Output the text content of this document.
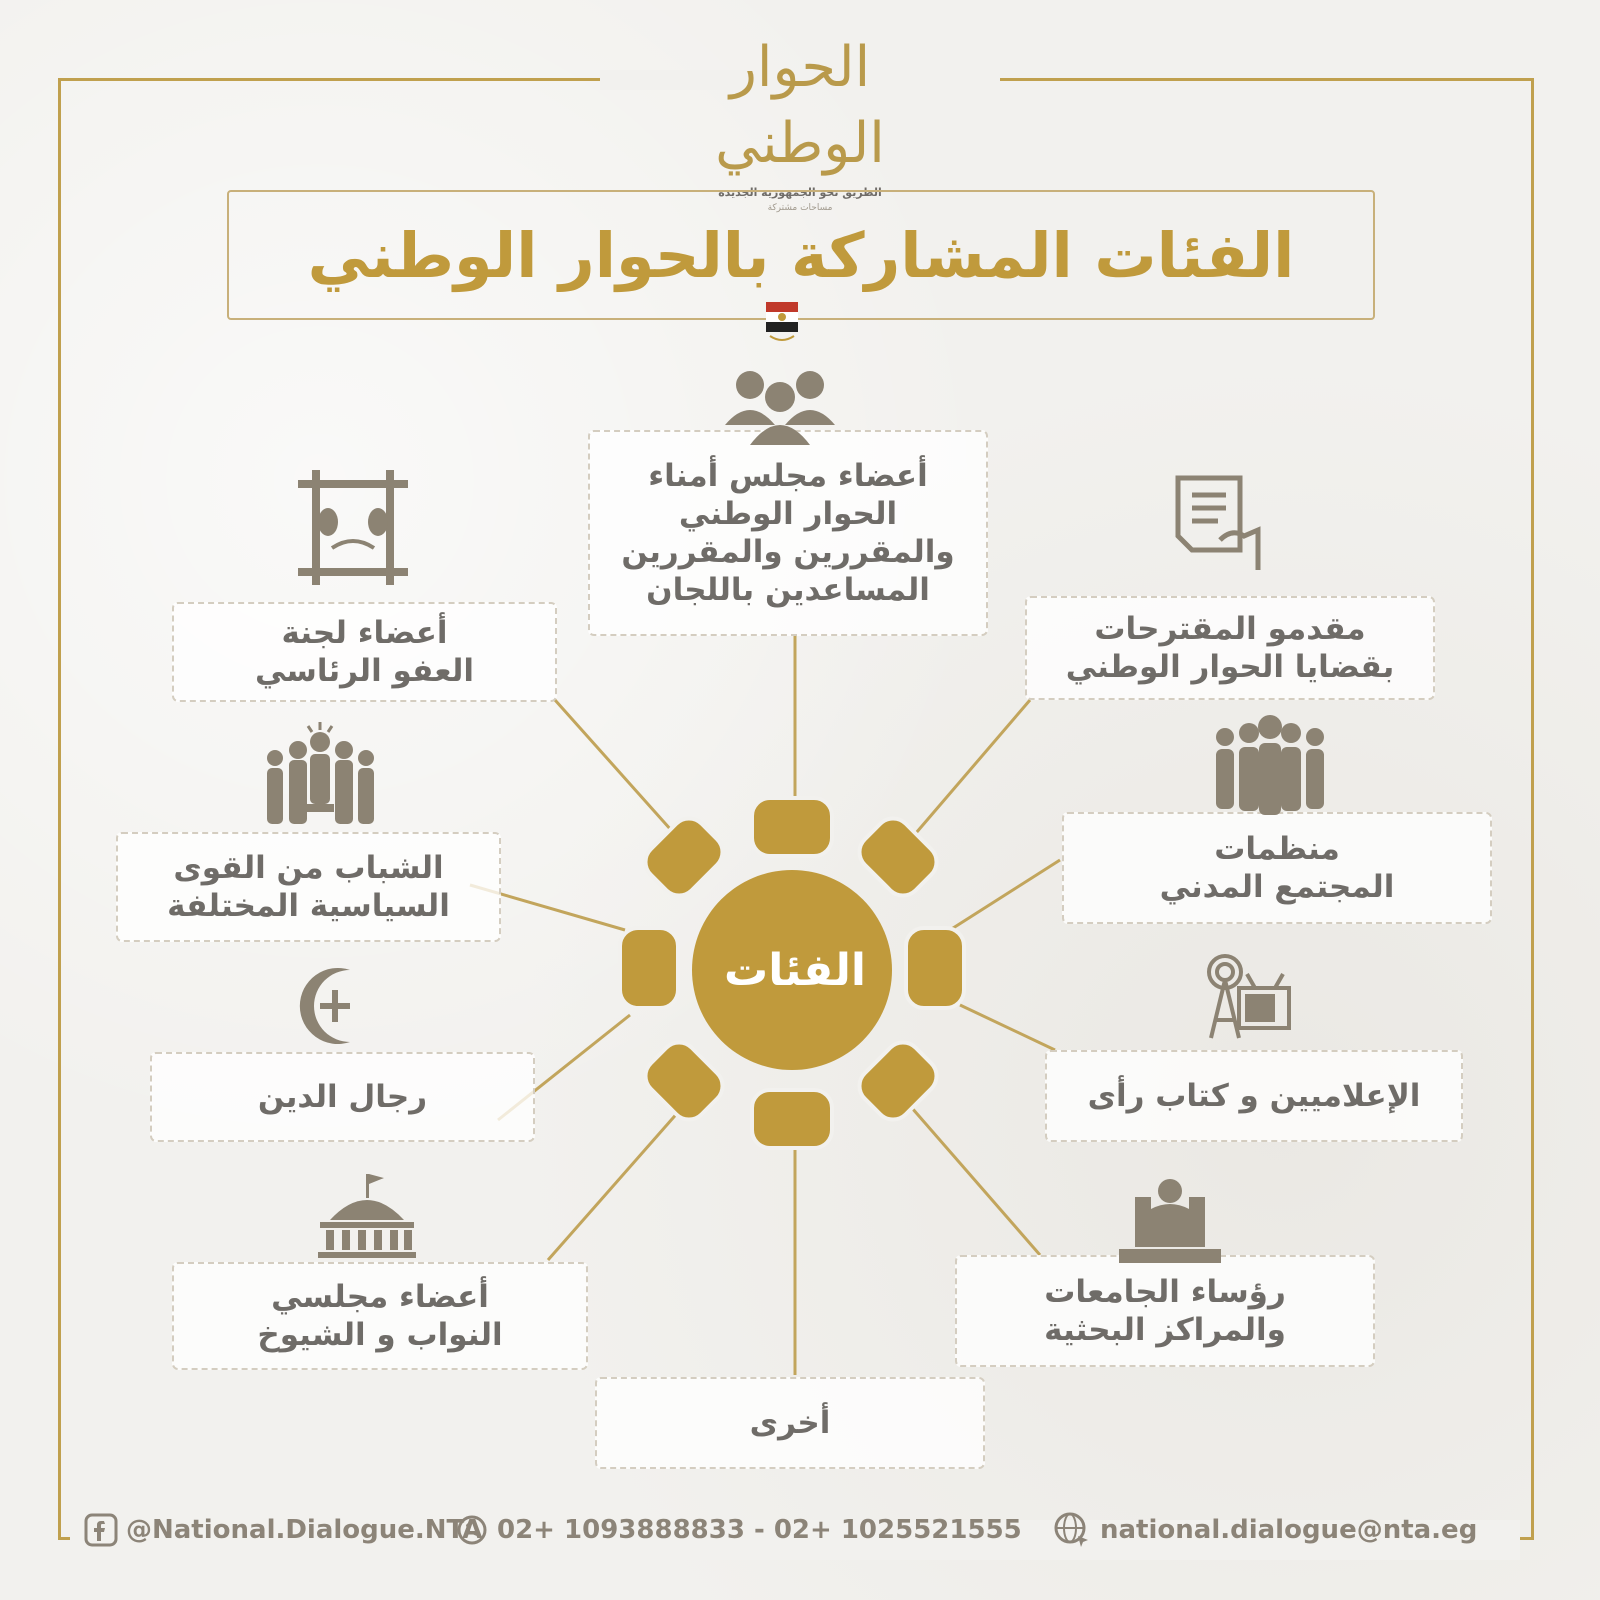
الحوار الوطني
الطريق نحو الجمهورية الجديدة
مساحات مشتركة
الفئات المشاركة بالحوار الوطني
الفئات
أعضاء مجلس أمناء
الحوار الوطني
والمقررين والمقررين
المساعدين باللجان
مقدمو المقترحات
بقضايا الحوار الوطني
منظمات
المجتمع المدني
الإعلاميين و كتاب رأى
رؤساء الجامعات
والمراكز البحثية
أخرى
أعضاء مجلسي
النواب و الشيوخ
رجال الدين
الشباب من القوى
السياسية المختلفة
أعضاء لجنة
العفو الرئاسي
@National.Dialogue.NTA 02+ 1093888833 - 02+ 1025521555	national.dialogue@nta.eg
